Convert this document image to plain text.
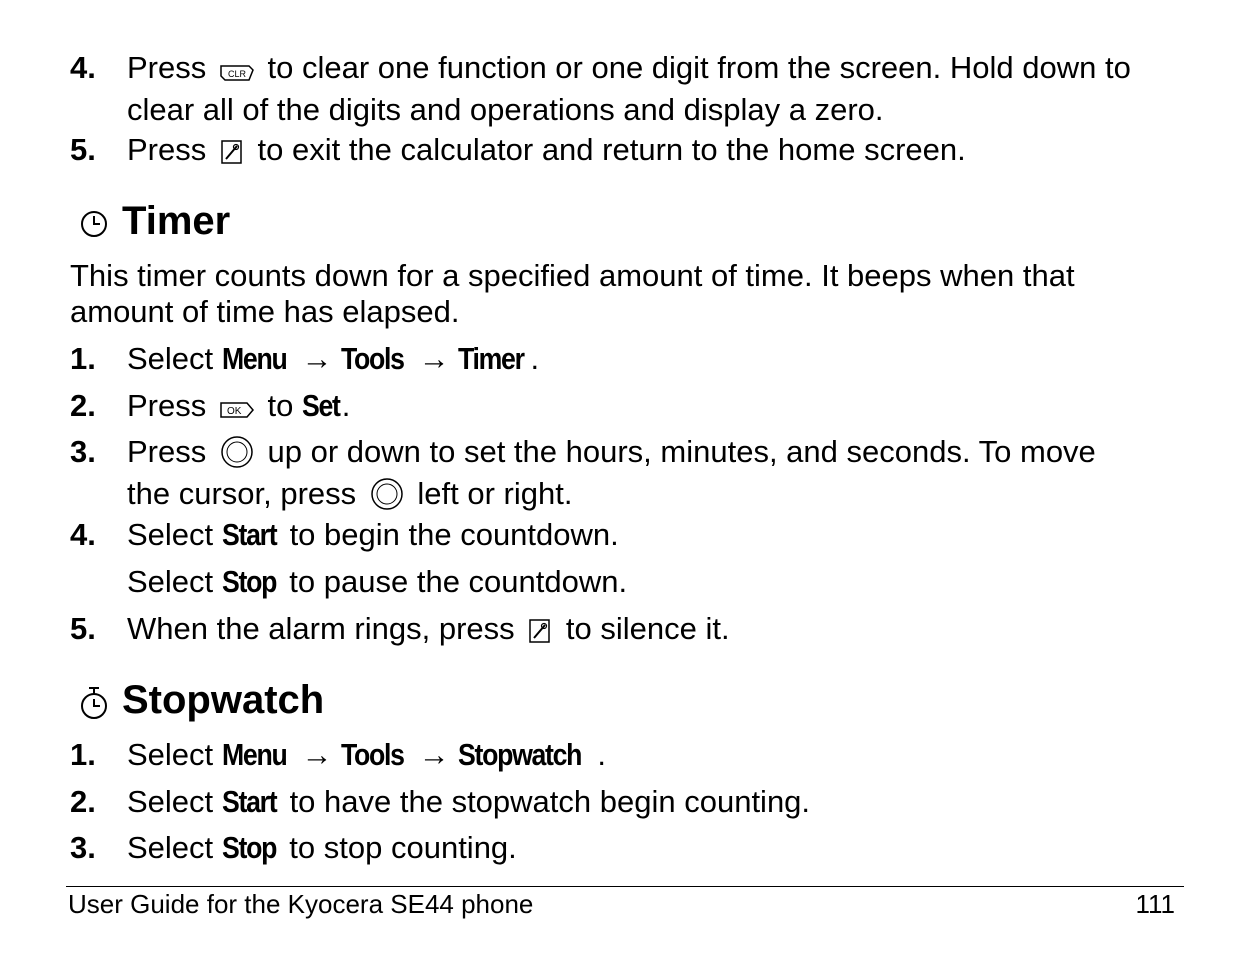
4.	Press CLR to clear one function or one digit from the screen. Hold down to
clear all of the digits and operations and display a zero.
5.	Press to exit the calculator and return to the home screen.
Timer
This timer counts down for a specified amount of time. It beeps when that
amount of time has elapsed.
1.	Select Menu → Tools → Timer .
2.	Press OK to Set.
3.	Press up or down to set the hours, minutes, and seconds. To move
the cursor, press left or right.
4.	Select Start to begin the countdown.
Select Stop to pause the countdown.
5.	When the alarm rings, press to silence it.
Stopwatch
1.	Select Menu → Tools → Stopwatch .
2.	Select Start to have the stopwatch begin counting.
3.	Select Stop to stop counting.
User Guide for the Kyocera SE44 phone	111
